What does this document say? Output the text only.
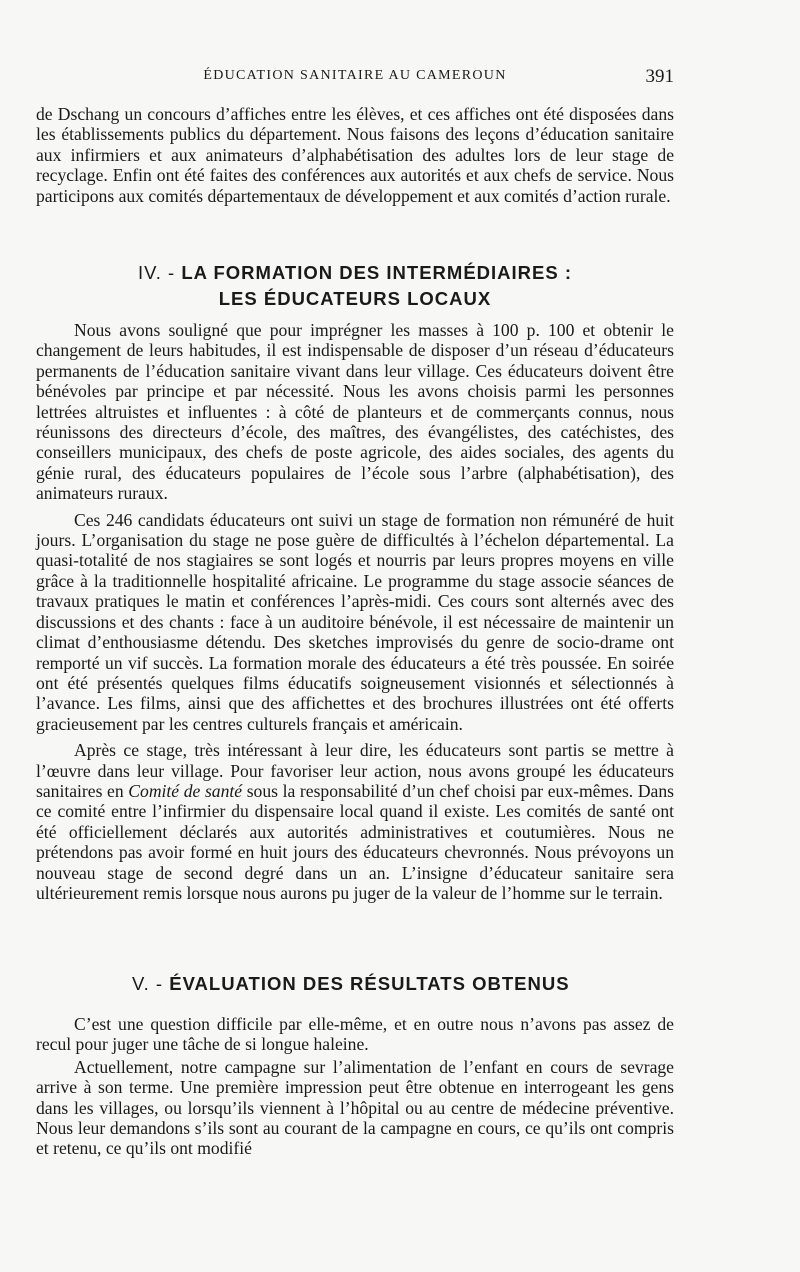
ÉDUCATION SANITAIRE AU CAMEROUN	391

de Dschang un concours d’affiches entre les élèves, et ces affiches ont été disposées dans les établissements publics du département. Nous faisons des leçons d’éducation sanitaire aux infirmiers et aux animateurs d’alphabétisation des adultes lors de leur stage de recyclage. Enfin ont été faites des conférences aux autorités et aux chefs de service. Nous participons aux comités départementaux de développement et aux comités d’action rurale.

IV. - LA FORMATION DES INTERMÉDIAIRES :
LES ÉDUCATEURS LOCAUX

Nous avons souligné que pour imprégner les masses à 100 p. 100 et obtenir le changement de leurs habitudes, il est indispensable de disposer d’un réseau d’éducateurs permanents de l’éducation sanitaire vivant dans leur village. Ces éducateurs doivent être bénévoles par principe et par nécessité. Nous les avons choisis parmi les personnes lettrées altruistes et influentes : à côté de planteurs et de commerçants connus, nous réunissons des directeurs d’école, des maîtres, des évangélistes, des catéchistes, des conseillers municipaux, des chefs de poste agricole, des aides sociales, des agents du génie rural, des éducateurs populaires de l’école sous l’arbre (alphabétisation), des animateurs ruraux.

Ces 246 candidats éducateurs ont suivi un stage de formation non rémunéré de huit jours. L’organisation du stage ne pose guère de difficultés à l’échelon départemental. La quasi-totalité de nos stagiaires se sont logés et nourris par leurs propres moyens en ville grâce à la traditionnelle hospitalité africaine. Le programme du stage associe séances de travaux pratiques le matin et conférences l’après-midi. Ces cours sont alternés avec des discussions et des chants : face à un auditoire bénévole, il est nécessaire de maintenir un climat d’enthousiasme détendu. Des sketches improvisés du genre de socio-drame ont remporté un vif succès. La formation morale des éducateurs a été très poussée. En soirée ont été présentés quelques films éducatifs soigneusement visionnés et sélectionnés à l’avance. Les films, ainsi que des affichettes et des brochures illustrées ont été offerts gracieusement par les centres culturels français et américain.

Après ce stage, très intéressant à leur dire, les éducateurs sont partis se mettre à l’œuvre dans leur village. Pour favoriser leur action, nous avons groupé les éducateurs sanitaires en Comité de santé sous la responsabilité d’un chef choisi par eux-mêmes. Dans ce comité entre l’infirmier du dispensaire local quand il existe. Les comités de santé ont été officiellement déclarés aux autorités administratives et coutumières. Nous ne prétendons pas avoir formé en huit jours des éducateurs chevronnés. Nous prévoyons un nouveau stage de second degré dans un an. L’insigne d’éducateur sanitaire sera ultérieurement remis lorsque nous aurons pu juger de la valeur de l’homme sur le terrain.

V. - ÉVALUATION DES RÉSULTATS OBTENUS

C’est une question difficile par elle-même, et en outre nous n’avons pas assez de recul pour juger une tâche de si longue haleine.

Actuellement, notre campagne sur l’alimentation de l’enfant en cours de sevrage arrive à son terme. Une première impression peut être obtenue en interrogeant les gens dans les villages, ou lorsqu’ils viennent à l’hôpital ou au centre de médecine préventive. Nous leur demandons s’ils sont au courant de la campagne en cours, ce qu’ils ont compris et retenu, ce qu’ils ont modifié
